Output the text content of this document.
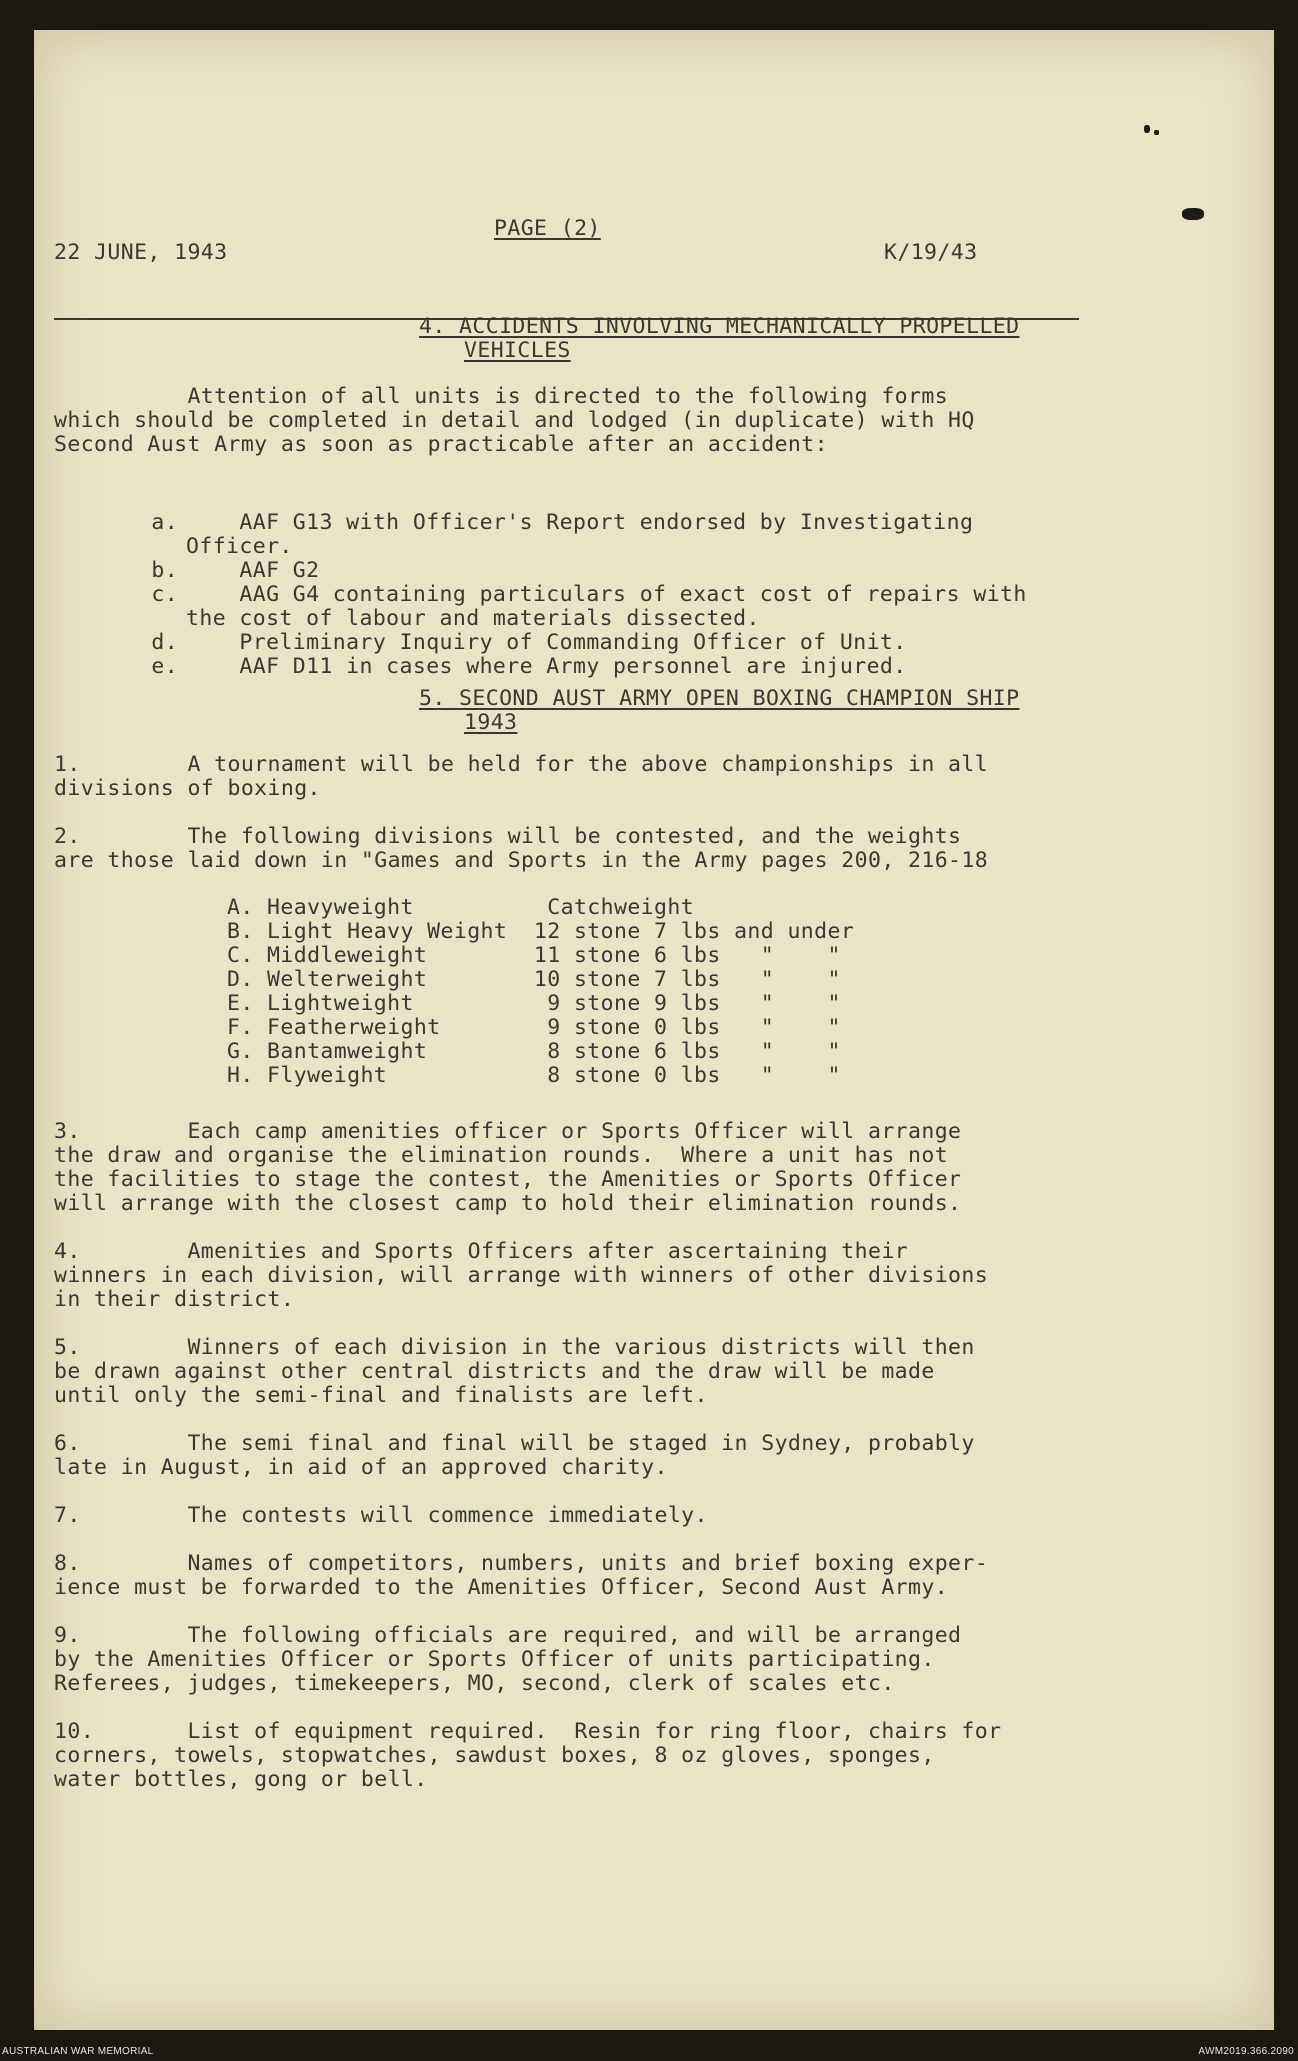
PAGE (2)
22 JUNE, 1943	K/19/43
4. ACCIDENTS INVOLVING MECHANICALLY PROPELLED
VEHICLES
Attention of all units is directed to the following forms
which should be completed in detail and lodged (in duplicate) with HQ
Second Aust Army as soon as practicable after an accident:

a.
	AAF G13 with Officer's Report endorsed by Investigating
Officer.

b.
	AAF G2

c.
	AAG G4 containing particulars of exact cost of repairs with
the cost of labour and materials dissected.

d.
	Preliminary Inquiry of Commanding Officer of Unit.

e.
	AAF D11 in cases where Army personnel are injured.

5. SECOND AUST ARMY OPEN BOXING CHAMPION SHIP
1943
1.        A tournament will be held for the above championships in all
divisions of boxing.
2.        The following divisions will be contested, and the weights
are those laid down in "Games and Sports in the Army pages 200, 216-18
A. Heavyweight          Catchweight
B. Light Heavy Weight  12 stone 7 lbs and under
C. Middleweight        11 stone 6 lbs   "    "
D. Welterweight        10 stone 7 lbs   "    "
E. Lightweight          9 stone 9 lbs   "    "
F. Featherweight        9 stone 0 lbs   "    "
G. Bantamweight         8 stone 6 lbs   "    "
H. Flyweight            8 stone 0 lbs   "    "
3.        Each camp amenities officer or Sports Officer will arrange
the draw and organise the elimination rounds.  Where a unit has not
the facilities to stage the contest, the Amenities or Sports Officer
will arrange with the closest camp to hold their elimination rounds.
4.        Amenities and Sports Officers after ascertaining their
winners in each division, will arrange with winners of other divisions
in their district.
5.        Winners of each division in the various districts will then
be drawn against other central districts and the draw will be made
until only the semi-final and finalists are left.
6.        The semi final and final will be staged in Sydney, probably
late in August, in aid of an approved charity.
7.        The contests will commence immediately.
8.        Names of competitors, numbers, units and brief boxing exper-
ience must be forwarded to the Amenities Officer, Second Aust Army.
9.        The following officials are required, and will be arranged
by the Amenities Officer or Sports Officer of units participating.
Referees, judges, timekeepers, MO, second, clerk of scales etc.
10.       List of equipment required.  Resin for ring floor, chairs for
corners, towels, stopwatches, sawdust boxes, 8 oz gloves, sponges,
water bottles, gong or bell.
AUSTRALIAN WAR MEMORIAL	AWM2019.366.2090
